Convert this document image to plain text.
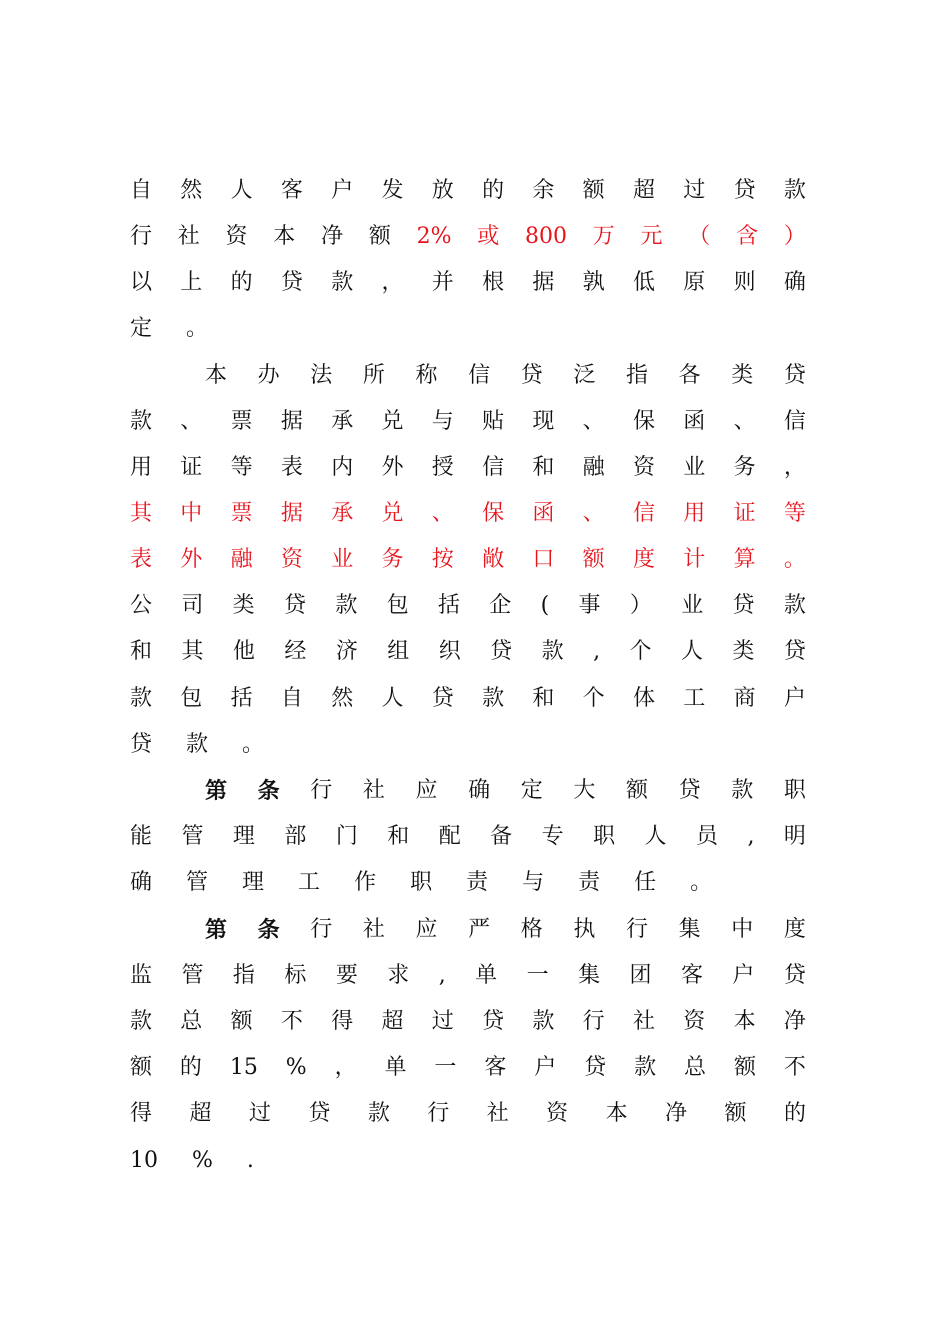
自 然 人 客 户 发 放 的 余 额 超 过 贷 款
行 社 资 本 净 额 2% 或 800 万 元 （ 含 ）
以 上 的 贷 款 ， 并 根 据 孰 低 原 则 确
定 。
本 办 法 所 称 信 贷 泛 指 各 类 贷
款 、 票 据 承 兑 与 贴 现 、 保 函 、 信
用 证 等 表 内 外 授 信 和 融 资 业 务 ，
其 中 票 据 承 兑 、 保 函 、 信 用 证 等
表 外 融 资 业 务 按 敞 口 额 度 计 算 。
公 司 类 贷 款 包 括 企 ( 事 ） 业 贷 款
和 其 他 经 济 组 织 贷 款 , 个 人 类 贷
款 包 括 自 然 人 贷 款 和 个 体 工 商 户
贷 款 。
第 条 行 社 应 确 定 大 额 贷 款 职
能 管 理 部 门 和 配 备 专 职 人 员 , 明
确 管 理 工 作 职 责 与 责 任 。
第 条 行 社 应 严 格 执 行 集 中 度
监 管 指 标 要 求 , 单 一 集 团 客 户 贷
款 总 额 不 得 超 过 贷 款 行 社 资 本 净
额 的 15 % ， 单 一 客 户 贷 款 总 额 不
得 超 过 贷 款 行 社 资 本 净 额 的
10 % .
